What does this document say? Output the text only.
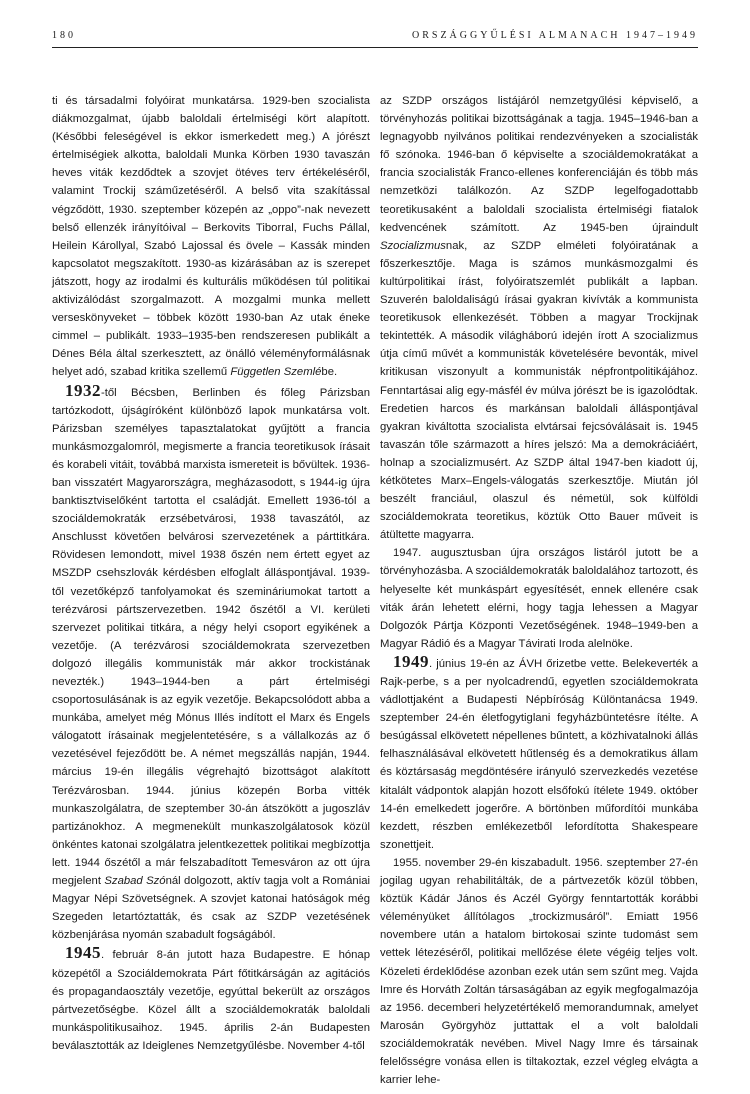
180	ORSZÁGGYŰLÉSI ALMANACH 1947–1949

ti és társadalmi folyóirat munkatársa. 1929-ben szocialista diákmozgalmat, újabb baloldali értelmiségi kört alapított. (Későbbi feleségével is ekkor ismerkedett meg.) A jórészt értelmiségiek alkotta, baloldali Munka Körben 1930 tavaszán heves viták kezdődtek a szovjet ötéves terv értékeléséről, valamint Trockij száműzetéséről. A belső vita szakítással végződött, 1930. szeptember közepén az „oppo”-nak nevezett belső ellenzék irányítóival – Berkovits Tiborral, Fuchs Pállal, Heilein Károllyal, Szabó Lajossal és övele – Kassák minden kapcsolatot megszakított. 1930-as kizárásában az is szerepet játszott, hogy az irodalmi és kulturális működésen túl politikai aktivizálódást szorgalmazott. A mozgalmi munka mellett verseskönyveket – többek között 1930-ban Az utak éneke cimmel – publikált. 1933–1935-ben rendszeresen publikált a Dénes Béla által szerkesztett, az önálló véleményformálásnak helyet adó, szabad kritika szellemű Független Szemlébe.

1932-től Bécsben, Berlinben és főleg Párizsban tartózkodott, újságíróként különböző lapok munkatársa volt. Párizsban személyes tapasztalatokat gyűjtött a francia munkásmozgalomról, megismerte a francia teoretikusok írásait és korabeli vitáit, továbbá marxista ismereteit is bővültek. 1936-ban visszatért Magyarországra, megházasodott, s 1944-ig újra banktisztviselőként tartotta el családját. Emellett 1936-tól a szociáldemokraták erzsébetvárosi, 1938 tavaszától, az Anschlusst követően belvárosi szervezetének a párttitkára. Rövidesen lemondott, mivel 1938 őszén nem értett egyet az MSZDP csehszlovák kérdésben elfoglalt álláspontjával. 1939-től vezetőképző tanfolyamokat és szemináriumokat tartott a terézvárosi pártszervezetben. 1942 őszétől a VI. kerületi szervezet politikai titkára, a négy helyi csoport egyikének a vezetője. (A terézvárosi szociáldemokrata szervezetben dolgozó illegális kommunisták már akkor trockistának nevezték.) 1943–1944-ben a párt értelmiségi csoportosulásának is az egyik vezetője. Bekapcsolódott abba a munkába, amelyet még Mónus Illés indított el Marx és Engels válogatott írásainak megjelentetésére, s a vállalkozás az ő vezetésével fejeződött be. A német megszállás napján, 1944. március 19-én illegális végrehajtó bizottságot alakított Terézvárosban. 1944. június közepén Borba vitték munkaszolgálatra, de szeptember 30-án átszökött a jugoszláv partizánokhoz. A megmenekült munkaszolgálatosok közül önkéntes katonai szolgálatra jelentkezettek politikai megbízottja lett. 1944 őszétől a már felszabadított Temesváron az ott újra megjelent Szabad Szónál dolgozott, aktív tagja volt a Romániai Magyar Népi Szövetségnek. A szovjet katonai hatóságok még Szegeden letartóztatták, és csak az SZDP vezetésének közbenjárása nyomán szabadult fogságából.

1945. február 8-án jutott haza Budapestre. E hónap közepétől a Szociáldemokrata Párt főtitkárságán az agitációs és propagandaosztály vezetője, egyúttal bekerült az országos pártvezetőségbe. Közel állt a szociáldemokraták baloldali munkáspolitikusaihoz. 1945. április 2-án Budapesten beválasztották az Ideiglenes Nemzetgyűlésbe. November 4-től

az SZDP országos listájáról nemzetgyűlési képviselő, a törvényhozás politikai bizottságának a tagja. 1945–1946-ban a legnagyobb nyilvános politikai rendezvényeken a szocialisták fő szónoka. 1946-ban ő képviselte a szociáldemokratákat a francia szocialisták Franco-ellenes konferenciáján és több más nemzetközi találkozón. Az SZDP legelfogadottabb teoretikusaként a baloldali szocialista értelmiségi fiatalok kedvencének számított. Az 1945-ben újraindult Szocializmusnak, az SZDP elméleti folyóiratának a főszerkesztője. Maga is számos munkásmozgalmi és kultúrpolitikai írást, folyóiratszemlét publikált a lapban. Szuverén baloldaliságú írásai gyakran kivívták a kommunista teoretikusok ellenkezését. Többen a magyar Trockijnak tekintették. A második világháború idején írott A szocializmus útja című művét a kommunisták követelésére bevonták, mivel kritikusan viszonyult a kommunisták népfrontpolitikájához. Fenntartásai alig egy-másfél év múlva jórészt be is igazolódtak. Eredetien harcos és markánsan baloldali álláspontjával gyakran kiváltotta szocialista elvtársai fejcsóválásait is. 1945 tavaszán tőle származott a híres jelszó: Ma a demokráciáért, holnap a szocializmusért. Az SZDP által 1947-ben kiadott új, kétkötetes Marx–Engels-válogatás szerkesztője. Miután jól beszélt franciául, olaszul és németül, sok külföldi szociáldemokrata teoretikus, köztük Otto Bauer műveit is átültette magyarra.

1947. augusztusban újra országos listáról jutott be a törvényhozásba. A szociáldemokraták baloldalához tartozott, és helyeselte két munkáspárt egyesítését, ennek ellenére csak viták árán lehetett elérni, hogy tagja lehessen a Magyar Dolgozók Pártja Központi Vezetőségének. 1948–1949-ben a Magyar Rádió és a Magyar Távirati Iroda alelnöke.

1949. június 19-én az ÁVH őrizetbe vette. Belekeverték a Rajk-perbe, s a per nyolcadrendű, egyetlen szociáldemokrata vádlottjaként a Budapesti Népbíróság Különtanácsa 1949. szeptember 24-én életfogytiglani fegyházbüntetésre ítélte. A besúgással elkövetett népellenes bűntett, a közhivatalnoki állás felhasználásával elkövetett hűtlenség és a demokratikus állam és köztársaság megdöntésére irányuló szervezkedés vezetése kitalált vádpontok alapján hozott elsőfokú ítélete 1949. október 14-én emelkedett jogerőre. A börtönben műfordítói munkába kezdett, részben emlékezetből lefordította Shakespeare szonettjeit.

1955. november 29-én kiszabadult. 1956. szeptember 27-én jogilag ugyan rehabilitálták, de a pártvezetők közül többen, köztük Kádár János és Aczél György fenntartották korábbi véleményüket állítólagos „trockizmusáról”. Emiatt 1956 novembere után a hatalom birtokosai szinte tudomást sem vettek létezéséről, politikai mellőzése élete végéig teljes volt. Közeleti érdeklődése azonban ezek után sem szűnt meg. Vajda Imre és Horváth Zoltán társaságában az egyik megfogalmazója az 1956. decemberi helyzetértékelő memorandumnak, amelyet Marosán Györgyhöz juttattak el a volt baloldali szociáldemokraták nevében. Mivel Nagy Imre és társainak felelősségre vonása ellen is tiltakoztak, ezzel végleg elvágta a karrier lehe-
